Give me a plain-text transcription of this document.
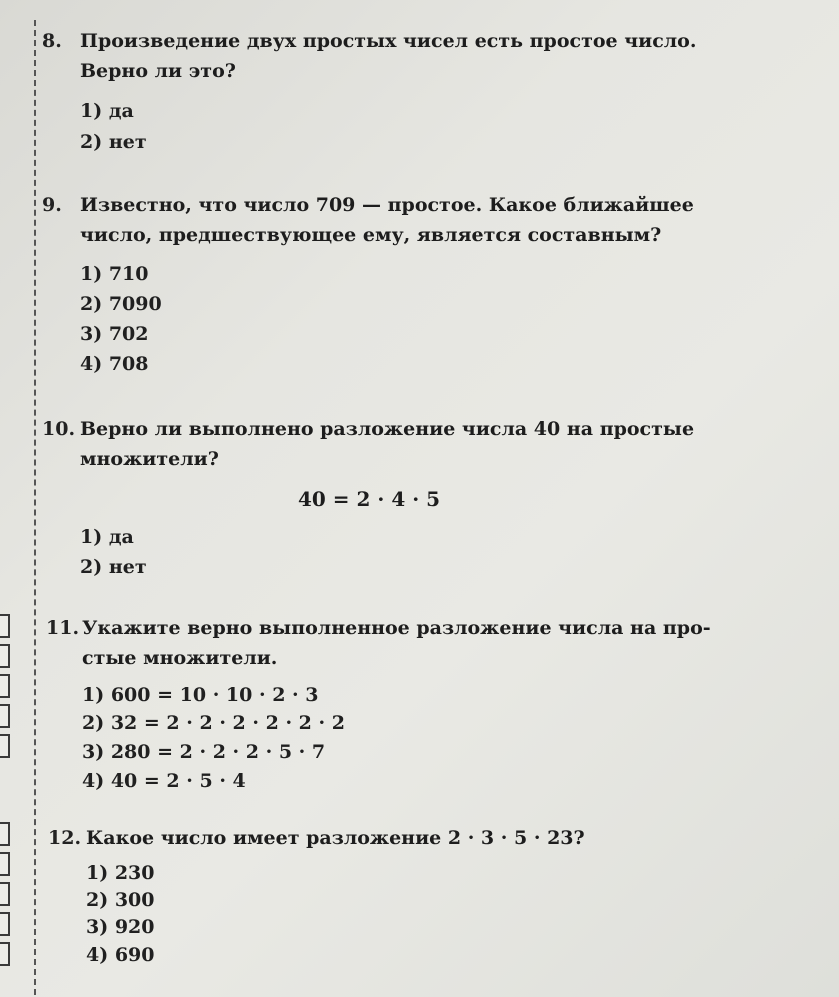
8. Произведение двух простых чисел есть простое число.
Верно ли это?
1) да
2) нет
9. Известно, что число 709 — простое. Какое ближайшее
число, предшествующее ему, является составным?
1) 710
2) 7090
3) 702
4) 708
10. Верно ли выполнено разложение числа 40 на простые
множители?
40 = 2 · 4 · 5
1) да
2) нет
11. Укажите верно выполненное разложение числа на про-
стые множители.
1) 600 = 10 · 10 · 2 · 3
2) 32 = 2 · 2 · 2 · 2 · 2 · 2
3) 280 = 2 · 2 · 2 · 5 · 7
4) 40 = 2 · 5 · 4
12. Какое число имеет разложение 2 · 3 · 5 · 23?
1) 230
2) 300
3) 920
4) 690
